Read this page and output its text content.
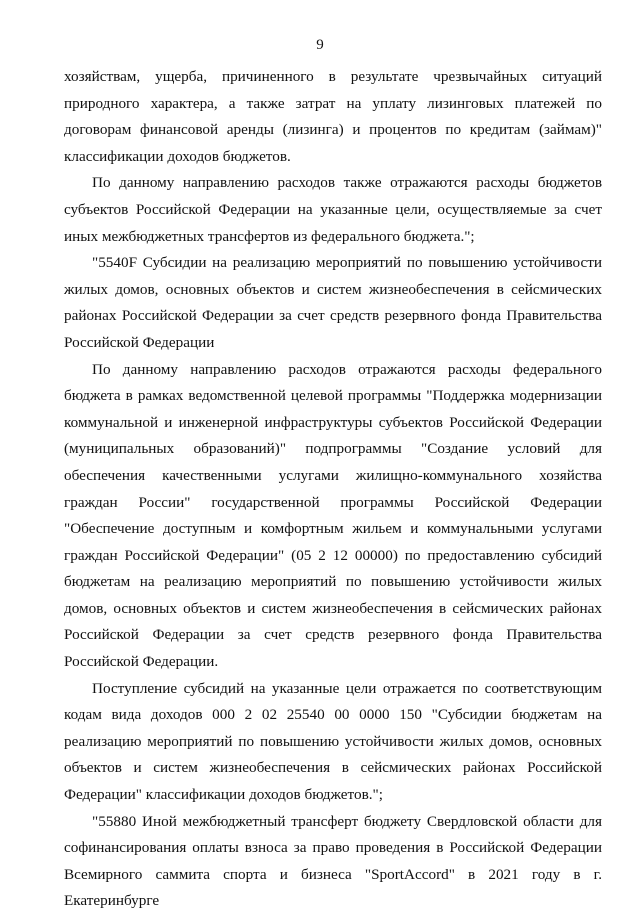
9

хозяйствам, ущерба, причиненного в результате чрезвычайных ситуаций природного характера, а также затрат на уплату лизинговых платежей по договорам финансовой аренды (лизинга) и процентов по кредитам (займам)" классификации доходов бюджетов.

По данному направлению расходов также отражаются расходы бюджетов субъектов Российской Федерации на указанные цели, осуществляемые за счет иных межбюджетных трансфертов из федерального бюджета.";

"5540F Субсидии на реализацию мероприятий по повышению устойчивости жилых домов, основных объектов и систем жизнеобеспечения в сейсмических районах Российской Федерации за счет средств резервного фонда Правительства Российской Федерации

По данному направлению расходов отражаются расходы федерального бюджета в рамках ведомственной целевой программы "Поддержка модернизации коммунальной и инженерной инфраструктуры субъектов Российской Федерации (муниципальных образований)" подпрограммы "Создание условий для обеспечения качественными услугами жилищно-коммунального хозяйства граждан России" государственной программы Российской Федерации "Обеспечение доступным и комфортным жильем и коммунальными услугами граждан Российской Федерации" (05 2 12 00000) по предоставлению субсидий бюджетам на реализацию мероприятий по повышению устойчивости жилых домов, основных объектов и систем жизнеобеспечения в сейсмических районах Российской Федерации за счет средств резервного фонда Правительства Российской Федерации.

Поступление субсидий на указанные цели отражается по соответствующим кодам вида доходов 000 2 02 25540 00 0000 150 "Субсидии бюджетам на реализацию мероприятий по повышению устойчивости жилых домов, основных объектов и систем жизнеобеспечения в сейсмических районах Российской Федерации" классификации доходов бюджетов.";

"55880 Иной межбюджетный трансферт бюджету Свердловской области для софинансирования оплаты взноса за право проведения в Российской Федерации Всемирного саммита спорта и бизнеса "SportAccord" в 2021 году в г. Екатеринбурге
